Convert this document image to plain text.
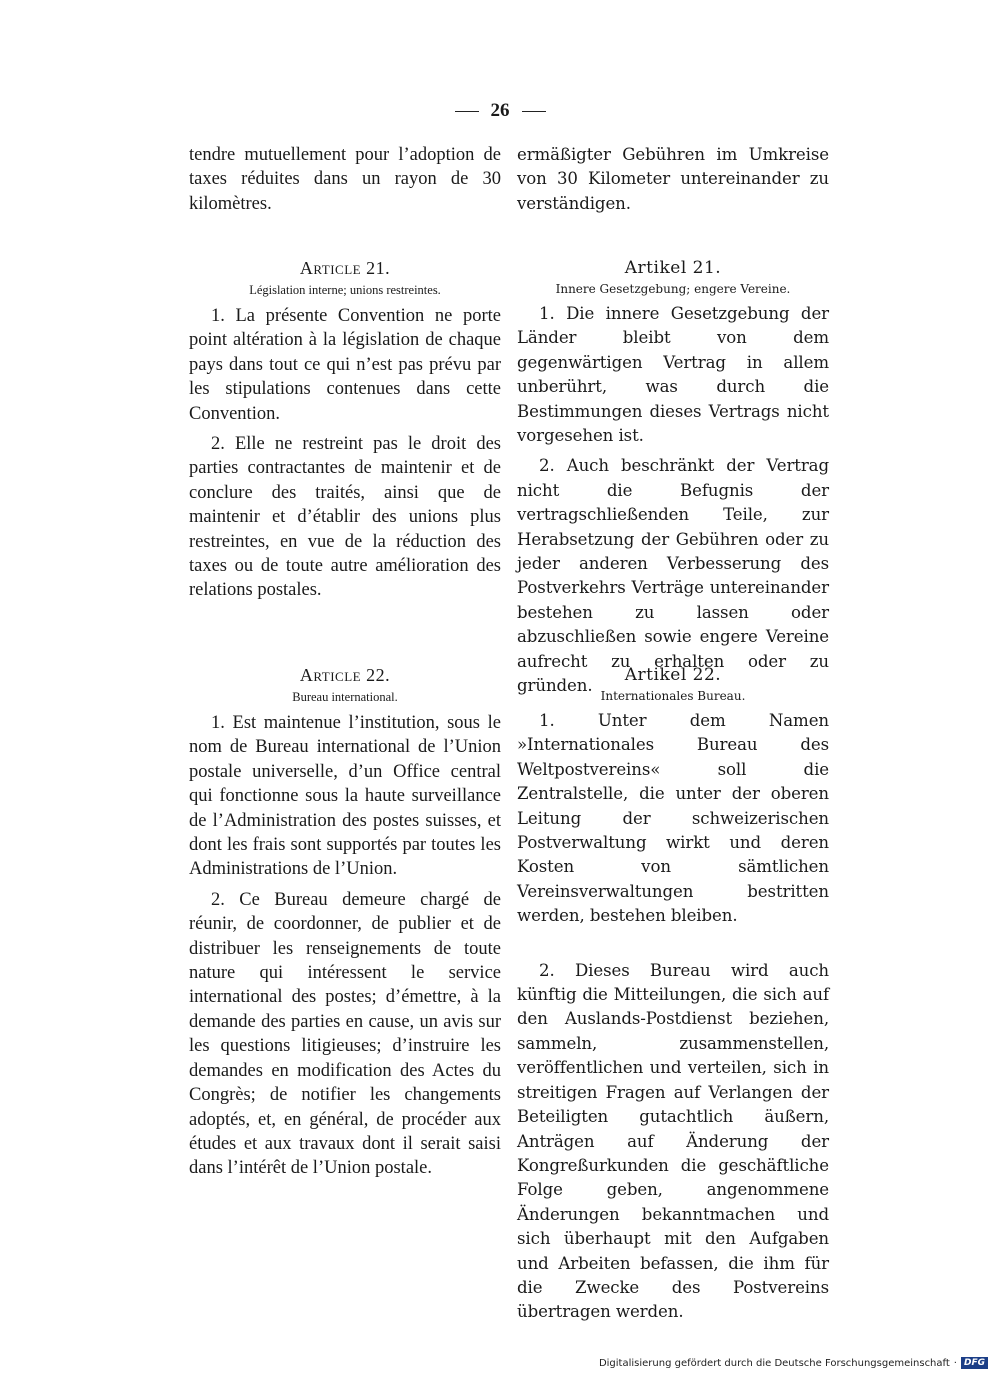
26

tendre mutuellement pour l’adoption de taxes réduites dans un rayon de 30 kilomètres.

Article 21.

Législation interne; unions restreintes.

1. La présente Convention ne porte point altération à la législation de chaque pays dans tout ce qui n’est pas prévu par les stipulations contenues dans cette Convention.

2. Elle ne restreint pas le droit des parties contractantes de maintenir et de conclure des traités, ainsi que de maintenir et d’établir des unions plus restreintes, en vue de la réduction des taxes ou de toute autre amélioration des relations postales.

Article 22.

Bureau international.

1. Est maintenue l’institution, sous le nom de Bureau international de l’Union postale universelle, d’un Office central qui fonctionne sous la haute surveillance de l’Administration des postes suisses, et dont les frais sont supportés par toutes les Administrations de l’Union.

2. Ce Bureau demeure chargé de réunir, de coordonner, de publier et de distribuer les renseignements de toute nature qui intéressent le service international des postes; d’émettre, à la demande des parties en cause, un avis sur les questions litigieuses; d’instruire les demandes en modification des Actes du Congrès; de notifier les changements adoptés, et, en général, de procéder aux études et aux travaux dont il serait saisi dans l’intérêt de l’Union postale.

ermäßigter Gebühren im Umkreise von 30 Kilometer untereinander zu verständigen.

Artikel 21.

Innere Gesetzgebung; engere Vereine.

1. Die innere Gesetzgebung der Länder bleibt von dem gegenwärtigen Vertrag in allem unberührt, was durch die Bestimmungen dieses Vertrags nicht vorgesehen ist.

2. Auch beschränkt der Vertrag nicht die Befugnis der vertragschließenden Teile, zur Herabsetzung der Gebühren oder zu jeder anderen Verbesserung des Postverkehrs Verträge untereinander bestehen zu lassen oder abzuschließen sowie engere Vereine aufrecht zu erhalten oder zu gründen.

Artikel 22.

Internationales Bureau.

1. Unter dem Namen »Internationales Bureau des Weltpostvereins« soll die Zentralstelle, die unter der oberen Leitung der schweizerischen Postverwaltung wirkt und deren Kosten von sämtlichen Vereinsverwaltungen bestritten werden, bestehen bleiben.

2. Dieses Bureau wird auch künftig die Mitteilungen, die sich auf den Auslands-Postdienst beziehen, sammeln, zusammenstellen, veröffentlichen und verteilen, sich in streitigen Fragen auf Verlangen der Beteiligten gutachtlich äußern, Anträgen auf Änderung der Kongreßurkunden die geschäftliche Folge geben, angenommene Änderungen bekanntmachen und sich überhaupt mit den Aufgaben und Arbeiten befassen, die ihm für die Zwecke des Postvereins übertragen werden.

Digitalisierung gefördert durch die Deutsche Forschungsgemeinschaft · DFG
